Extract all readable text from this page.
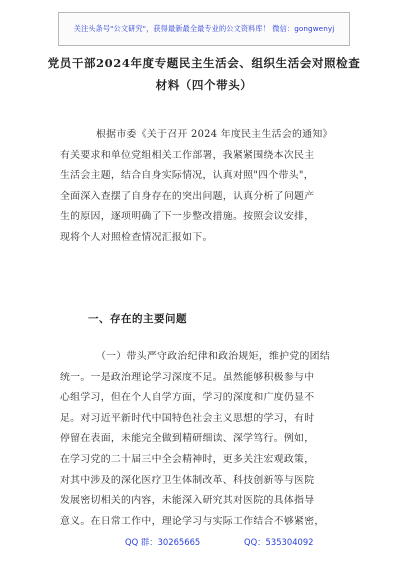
关注头条号"公文研究"，获得最新最全最专业的公文资料库！ 微信：gongwenyj
党员干部2024年度专题民主生活会、组织生活会对照检查
材料（四个带头）
根据市委《关于召开 2024 年度民主生活会的通知》
有关要求和单位党组相关工作部署，我紧紧围绕本次民主
生活会主题，结合自身实际情况，认真对照"四个带头"，
全面深入查摆了自身存在的突出问题，认真分析了问题产
生的原因，逐项明确了下一步整改措施。按照会议安排，
现将个人对照检查情况汇报如下。
一、存在的主要问题
（一）带头严守政治纪律和政治规矩，维护党的团结
统一。一是政治理论学习深度不足。虽然能够积极参与中
心组学习，但在个人自学方面，学习的深度和广度仍显不
足。对习近平新时代中国特色社会主义思想的学习，有时
停留在表面，未能完全做到精研细读、深学笃行。例如，
在学习党的二十届三中全会精神时，更多关注宏观政策，
对其中涉及的深化医疗卫生体制改革、科技创新等与医院
发展密切相关的内容，未能深入研究其对医院的具体指导
意义。在日常工作中，理论学习与实际工作结合不够紧密，
QQ 群：30265665	QQ：535304092
